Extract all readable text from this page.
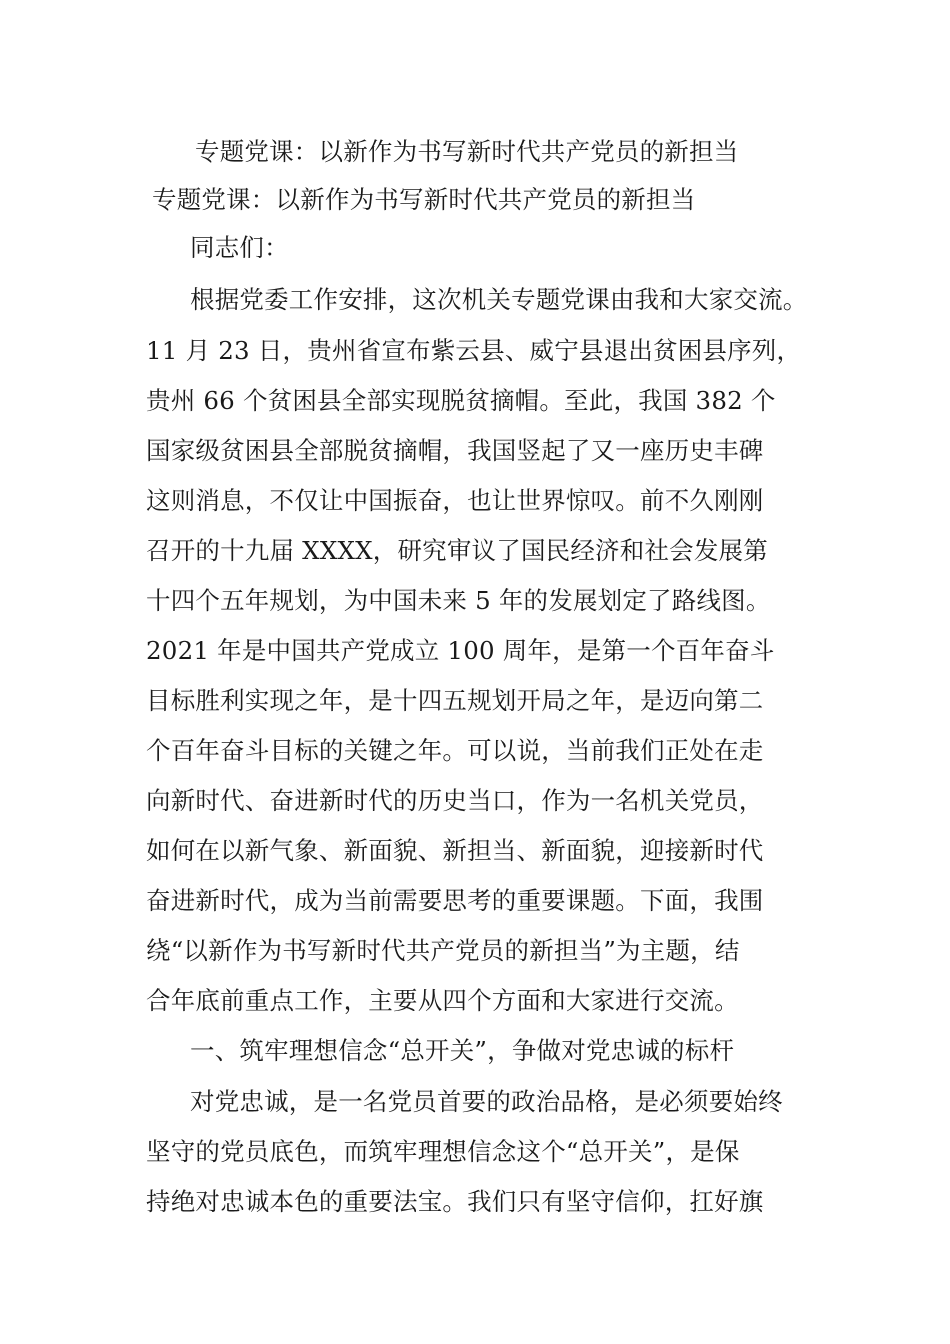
专题党课：以新作为书写新时代共产党员的新担当
专题党课：以新作为书写新时代共产党员的新担当
同志们：
根据党委工作安排，这次机关专题党课由我和大家交流。
11 月 23 日，贵州省宣布紫云县、威宁县退出贫困县序列，
贵州 66 个贫困县全部实现脱贫摘帽。至此，我国 382 个
国家级贫困县全部脱贫摘帽，我国竖起了又一座历史丰碑
这则消息，不仅让中国振奋，也让世界惊叹。前不久刚刚
召开的十九届 XXXX，研究审议了国民经济和社会发展第
十四个五年规划，为中国未来 5 年的发展划定了路线图。
2021 年是中国共产党成立 100 周年，是第一个百年奋斗
目标胜利实现之年，是十四五规划开局之年，是迈向第二
个百年奋斗目标的关键之年。可以说，当前我们正处在走
向新时代、奋进新时代的历史当口，作为一名机关党员，
如何在以新气象、新面貌、新担当、新面貌，迎接新时代
奋进新时代，成为当前需要思考的重要课题。下面，我围
绕“以新作为书写新时代共产党员的新担当”为主题，结
合年底前重点工作，主要从四个方面和大家进行交流。
一、筑牢理想信念“总开关”，争做对党忠诚的标杆
对党忠诚，是一名党员首要的政治品格，是必须要始终
坚守的党员底色，而筑牢理想信念这个“总开关”，是保
持绝对忠诚本色的重要法宝。我们只有坚守信仰，扛好旗
